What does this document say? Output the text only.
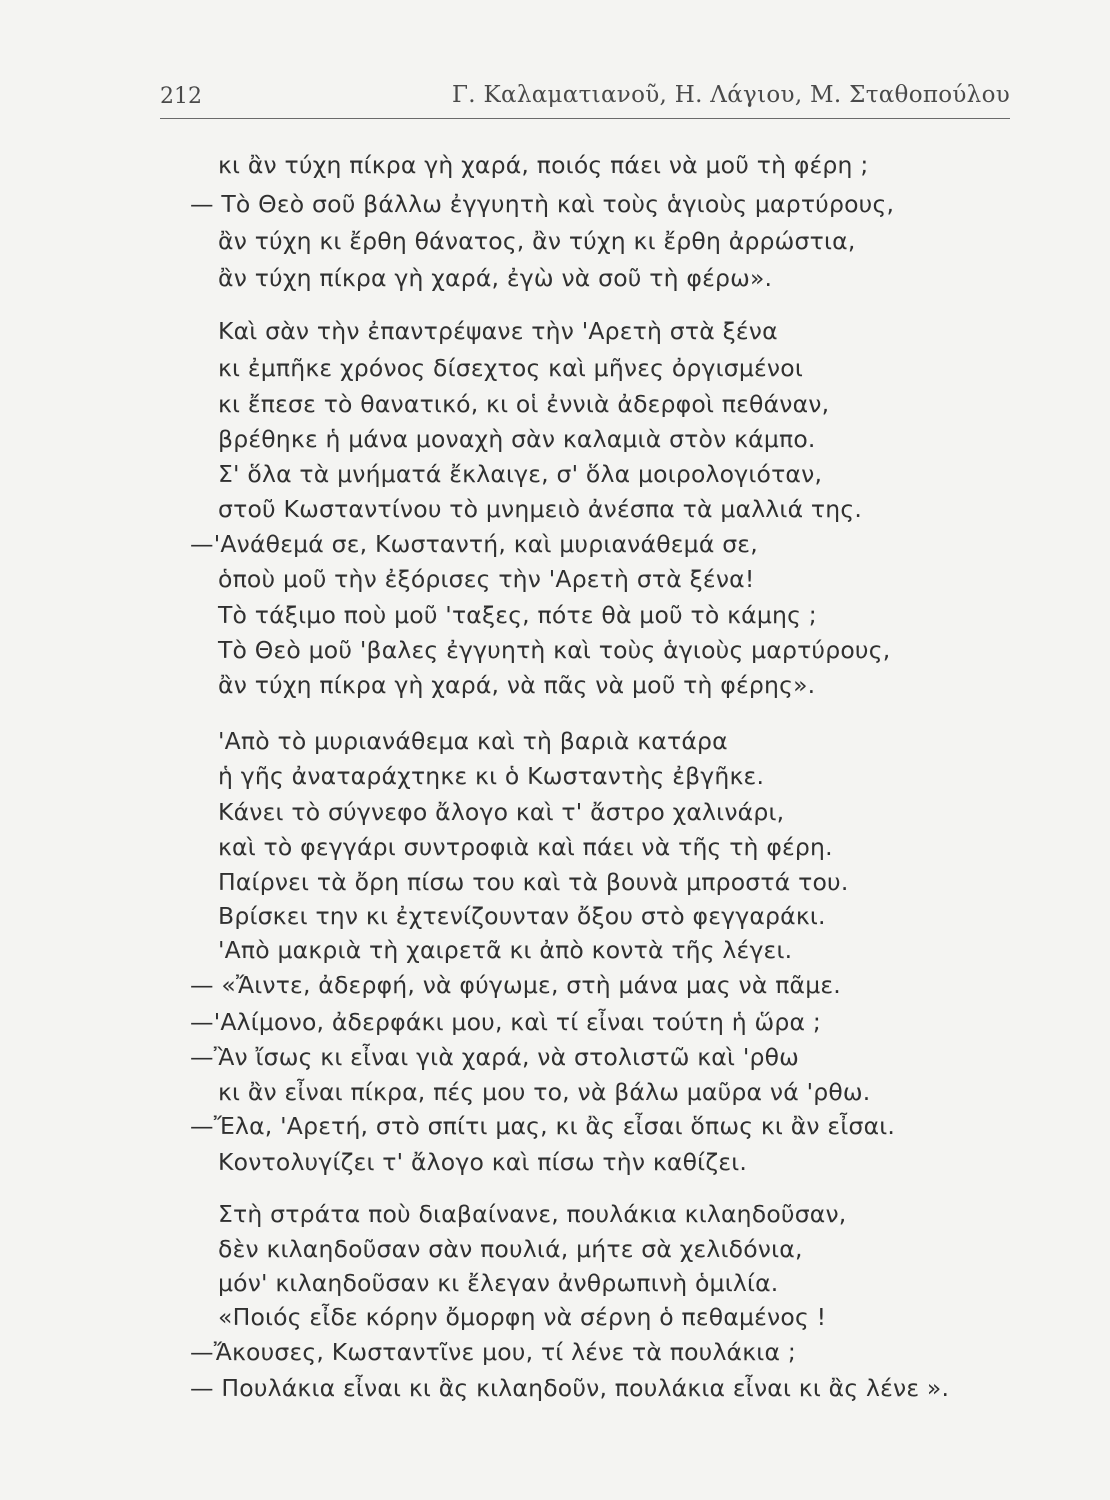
212	Γ. Καλαματιανοῦ, Η. Λάγιου, Μ. Σταθοπούλου
κι ἂν τύχη πίκρα γὴ χαρά, ποιός πάει νὰ μοῦ τὴ φέρη ;
— Τὸ Θεὸ σοῦ βάλλω ἐγγυητὴ καὶ τοὺς ἁγιοὺς μαρτύρους,
ἂν τύχη κι ἔρθη θάνατος, ἂν τύχη κι ἔρθη ἀρρώστια,
ἂν τύχη πίκρα γὴ χαρά, ἐγὼ νὰ σοῦ τὴ φέρω».
Καὶ σὰν τὴν ἐπαντρέψανε τὴν 'Αρετὴ στὰ ξένα
κι ἐμπῆκε χρόνος δίσεχτος καὶ μῆνες ὀργισμένοι
κι ἔπεσε τὸ θανατικό, κι οἱ ἐννιὰ ἀδερφοὶ πεθάναν,
βρέθηκε ἡ μάνα μοναχὴ σὰν καλαμιὰ στὸν κάμπο.
Σ' ὅλα τὰ μνήματά ἔκλαιγε, σ' ὅλα μοιρολογιόταν,
στοῦ Κωσταντίνου τὸ μνημειὸ ἀνέσπα τὰ μαλλιά της.
—'Ανάθεμά σε, Κωσταντή, καὶ μυριανάθεμά σε,
ὁποὺ μοῦ τὴν ἐξόρισες τὴν 'Αρετὴ στὰ ξένα!
Τὸ τάξιμο ποὺ μοῦ 'ταξες, πότε θὰ μοῦ τὸ κάμης ;
Τὸ Θεὸ μοῦ 'βαλες ἐγγυητὴ καὶ τοὺς ἁγιοὺς μαρτύρους,
ἂν τύχη πίκρα γὴ χαρά, νὰ πᾶς νὰ μοῦ τὴ φέρης».
'Απὸ τὸ μυριανάθεμα καὶ τὴ βαριὰ κατάρα
ἡ γῆς ἀναταράχτηκε κι ὁ Κωσταντὴς ἐβγῆκε.
Κάνει τὸ σύγνεφο ἄλογο καὶ τ' ἄστρο χαλινάρι,
καὶ τὸ φεγγάρι συντροφιὰ καὶ πάει νὰ τῆς τὴ φέρη.
Παίρνει τὰ ὄρη πίσω του καὶ τὰ βουνὰ μπροστά του.
Βρίσκει την κι ἐχτενίζουνταν ὄξου στὸ φεγγαράκι.
'Απὸ μακριὰ τὴ χαιρετᾶ κι ἀπὸ κοντὰ τῆς λέγει.
— «Ἄιντε, ἀδερφή, νὰ φύγωμε, στὴ μάνα μας νὰ πᾶμε.
—'Αλίμονο, ἀδερφάκι μου, καὶ τί εἶναι τούτη ἡ ὥρα ;
—Ἂν ἴσως κι εἶναι γιὰ χαρά, νὰ στολιστῶ καὶ 'ρθω
κι ἂν εἶναι πίκρα, πές μου το, νὰ βάλω μαῦρα νά 'ρθω.
—Ἔλα, 'Αρετή, στὸ σπίτι μας, κι ἂς εἶσαι ὅπως κι ἂν εἶσαι.
Κοντολυγίζει τ' ἄλογο καὶ πίσω τὴν καθίζει.
Στὴ στράτα ποὺ διαβαίνανε, πουλάκια κιλαηδοῦσαν,
δὲν κιλαηδοῦσαν σὰν πουλιά, μήτε σὰ χελιδόνια,
μόν' κιλαηδοῦσαν κι ἔλεγαν ἀνθρωπινὴ ὁμιλία.
«Ποιός εἶδε κόρην ὄμορφη νὰ σέρνη ὁ πεθαμένος !
—Ἄκουσες, Κωσταντῖνε μου, τί λένε τὰ πουλάκια ;
— Πουλάκια εἶναι κι ἂς κιλαηδοῦν, πουλάκια εἶναι κι ἂς λένε ».
